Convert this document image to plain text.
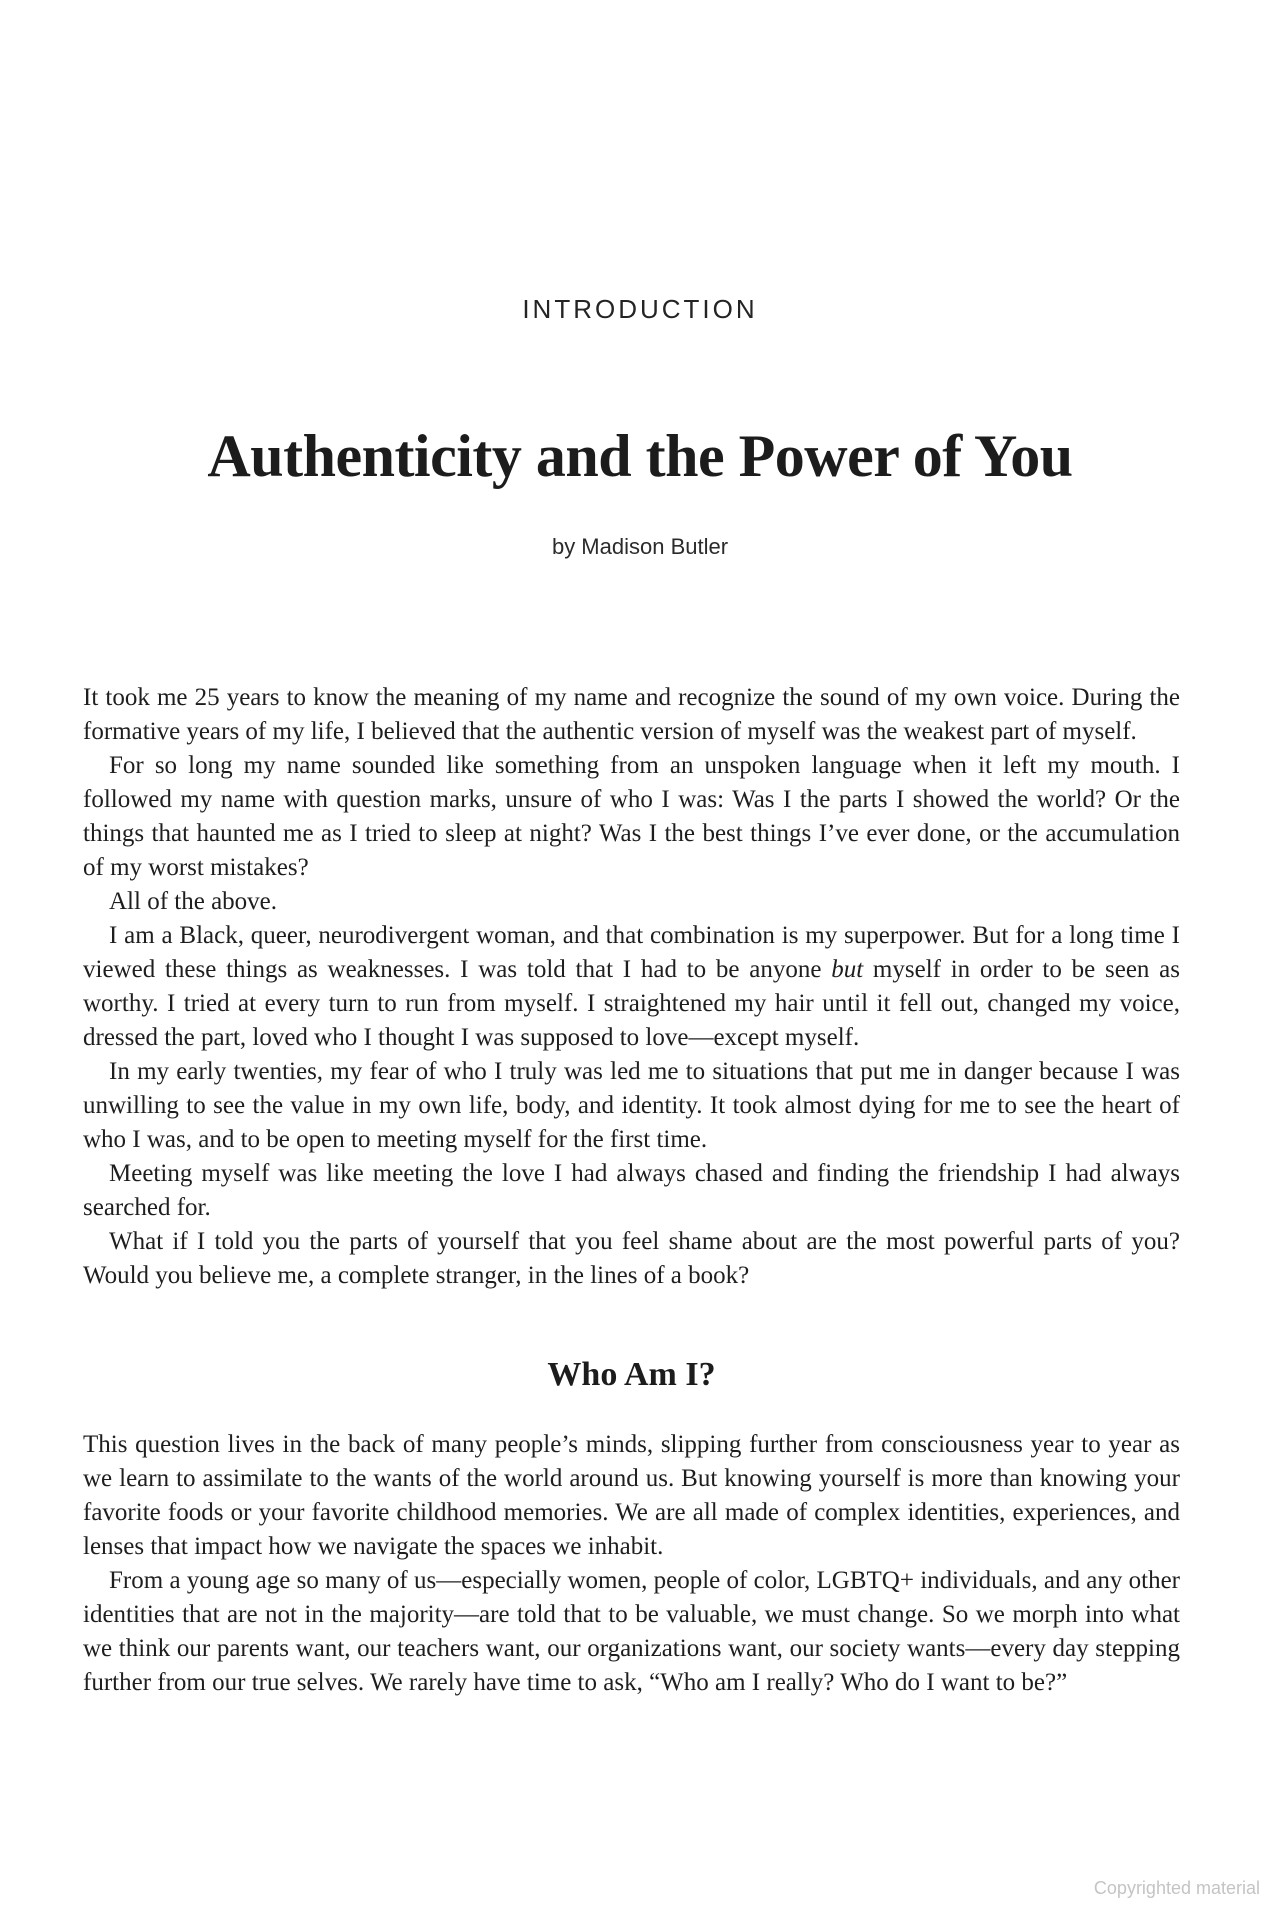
INTRODUCTION
Authenticity and the Power of You
by Madison Butler

It took me 25 years to know the meaning of my name and recognize the sound of my own voice. During the formative years of my life, I believed that the authentic version of myself was the weakest part of myself.

For so long my name sounded like something from an unspoken language when it left my mouth. I followed my name with question marks, unsure of who I was: Was I the parts I showed the world? Or the things that haunted me as I tried to sleep at night? Was I the best things I’ve ever done, or the accumulation of my worst mistakes?

All of the above.

I am a Black, queer, neurodivergent woman, and that combination is my superpower. But for a long time I viewed these things as weaknesses. I was told that I had to be anyone but myself in order to be seen as worthy. I tried at every turn to run from myself. I straightened my hair until it fell out, changed my voice, dressed the part, loved who I thought I was supposed to love—except myself.

In my early twenties, my fear of who I truly was led me to situations that put me in danger because I was unwilling to see the value in my own life, body, and identity. It took almost dying for me to see the heart of who I was, and to be open to meeting myself for the first time.

Meeting myself was like meeting the love I had always chased and finding the friendship I had always searched for.

What if I told you the parts of yourself that you feel shame about are the most powerful parts of you? Would you believe me, a complete stranger, in the lines of a book?

Who Am I?

This question lives in the back of many people’s minds, slipping further from consciousness year to year as we learn to assimilate to the wants of the world around us. But knowing yourself is more than knowing your favorite foods or your favorite childhood memories. We are all made of complex identities, experiences, and lenses that impact how we navigate the spaces we inhabit.

From a young age so many of us—especially women, people of color, LGBTQ+ individuals, and any other identities that are not in the majority—are told that to be valuable, we must change. So we morph into what we think our parents want, our teachers want, our organizations want, our society wants—every day stepping further from our true selves. We rarely have time to ask, “Who am I really? Who do I want to be?”

Copyrighted material
